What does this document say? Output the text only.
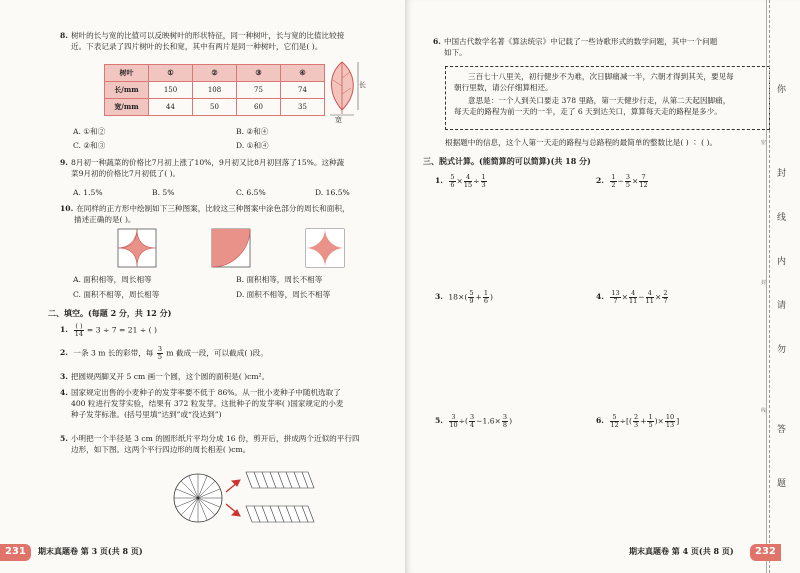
8. 树叶的长与宽的比值可以反映树叶的形状特征，同一种树叶，长与宽的比值比较接
近。下表记录了四片树叶的长和宽，其中有两片是同一种树叶，它们是( )。
树叶	①	②	③	④
长/mm	150	108	75	74
宽/mm	44	50	60	35
长
宽
A. ①和②	B. ②和④
C. ②和③	D. ①和④
9. 8月初一种蔬菜的价格比7月初上涨了10%，9月初又比8月初回落了15%。这种蔬
菜9月初的价格比7月初低了( )。
A. 1.5%	B. 5%	C. 6.5%	D. 16.5%
10. 在同样的正方形中绘制如下三种图案，比较这三种图案中涂色部分的周长和面积，
描述正确的是( )。
A. 面积相等，周长相等	B. 面积相等，周长不相等
C. 面积不相等，周长相等	D. 面积不相等，周长不相等
二、填空。(每题 2 分，共 12 分)
1. $\frac{( )}{14} = 3 \div 7 = 21$ ÷ ( )
2. 一条 3 m 长的彩带，每 $\frac{3}{5}$ m 截成一段，可以截成( )段。
3. 把圆规两脚叉开 5 cm 画一个圆，这个圆的面积是( )cm²。
4. 国家规定出售的小麦种子的发芽率要不低于 86%。从一批小麦种子中随机选取了
400 粒进行发芽实验，结果有 372 粒发芽。这批种子的发芽率( )国家规定的小麦
种子发芽标准。(括号里填“达到”或“没达到”)
5. 小明把一个半径是 3 cm 的圆形纸片平均分成 16 份，剪开后，拼成两个近似的平行四
边形，如下图。这两个平行四边形的周长相差( )cm。
231	期末真题卷 第 3 页(共 8 页)
6. 中国古代数学名著《算法统宗》中记载了一些诗歌形式的数学问题，其中一个问题
如下。
三百七十八里关，初行健步不为难，次日脚痛减一半，六朝才得到其关，要见每
朝行里数，请公仔细算相还。
意思是：一个人到关口要走 378 里路，第一天健步行走，从第二天起因脚痛，
每天走的路程为前一天的一半，走了 6 天到达关口，算算每天走的路程是多少。
根据题中的信息，这个人第一天走的路程与总路程的最简单的整数比是( ) ∶ ( )。
三、脱式计算。(能简算的可以简算)(共 18 分)
1. $\frac{5}{6} \times \frac{4}{15} \div \frac{1}{3}$	2. $\frac{1}{2} - \frac{3}{5} \times \frac{7}{12}$
3. $18\times( \frac{5}{9} + \frac{1}{6}$ )	4. $\frac{13}{7} \times \frac{4}{11} - \frac{4}{11} \times \frac{2}{7}$
5. $\frac{3}{10}$ ÷( $\frac{3}{4} -1.6\times \frac{3}{8}$ )	6. $\frac{5}{12}$ ÷[( $\frac{2}{3} + \frac{1}{5}$ )× $\frac{10}{13}$ ]
你
密
封
线
内
封
请
勿
线
答
题
期末真题卷 第 4 页(共 8 页)	232
